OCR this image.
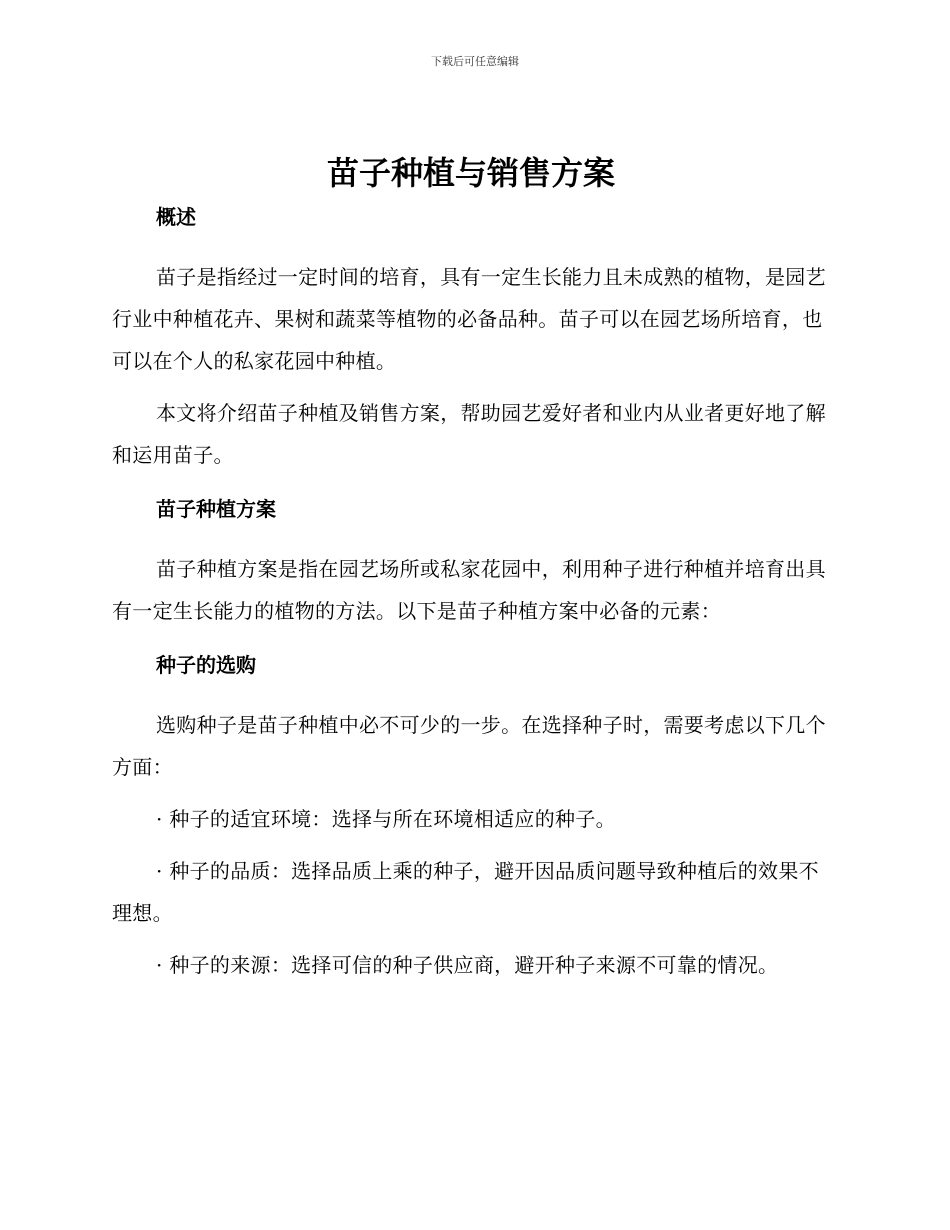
下载后可任意编辑
苗子种植与销售方案
概述

苗子是指经过一定时间的培育，具有一定生长能力且未成熟的植物，是园艺行业中种植花卉、果树和蔬菜等植物的必备品种。苗子可以在园艺场所培育，也可以在个人的私家花园中种植。

本文将介绍苗子种植及销售方案，帮助园艺爱好者和业内从业者更好地了解和运用苗子。

苗子种植方案

苗子种植方案是指在园艺场所或私家花园中，利用种子进行种植并培育出具有一定生长能力的植物的方法。以下是苗子种植方案中必备的元素：

种子的选购

选购种子是苗子种植中必不可少的一步。在选择种子时，需要考虑以下几个方面：

· 种子的适宜环境：选择与所在环境相适应的种子。

· 种子的品质：选择品质上乘的种子，避开因品质问题导致种植后的效果不理想。

· 种子的来源：选择可信的种子供应商，避开种子来源不可靠的情况。
